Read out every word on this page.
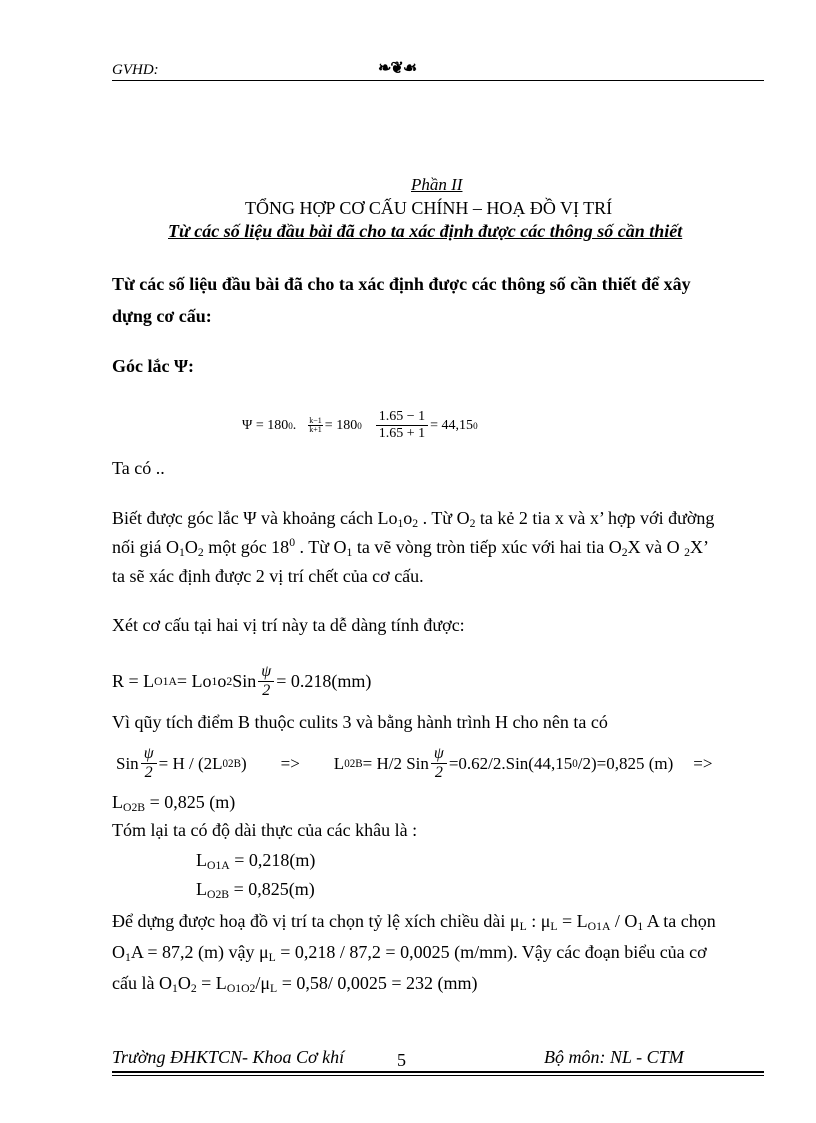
GVHD:	❧❦☙
Phần II
TỔNG HỢP CƠ CẤU CHÍNH – HOẠ ĐỒ VỊ TRÍ
Từ các số liệu đầu bài đã cho ta xác định được các thông số cần thiết
Từ các số liệu đầu bài đã cho ta xác định được các thông số cần thiết để xây
dựng cơ cấu:
Góc lắc Ψ:
Ψ = 180 0 . $\frac{k-1}{k+1} = 180$ $0 \frac{1.65 - 1}{1.65 + 1} = 44,15$ 0
Ta có ..
Biết được góc lắc Ψ và khoảng cách $Lo_1o_2$ . Từ $O_2$ ta kẻ 2 tia x và x’ hợp với đường
nối giá $O_1O_2$ một góc $18^0$ . Từ $O_1$ ta vẽ vòng tròn tiếp xúc với hai tia $O_2X$ và O $_2$X’
ta sẽ xác định được 2 vị trí chết của cơ cấu.
Xét cơ cấu tại hai vị trí này ta dễ dàng tính được:
R = L O1A = Lo 1 o 2 Sin $\frac{\psi}{2} = 0.218(mm)$
Vì qũy tích điểm B thuộc culits 3 và bằng hành trình H cho nên ta có
Sin $\frac{\psi}{2} = H / (2L$ 02B ) => L 02B = H/2 Sin $\frac{\psi}{2} =0.62/2.Sin(44,15$ 0 /2)=0,825 (m) =>
$L_{O2B} = 0,825$ (m)
Tóm lại ta có độ dài thực của các khâu là :
$L_{O1A} = 0,218(m)$
$L_{O2B} = 0,825(m)$
Để dựng được hoạ đồ vị trí ta chọn tỷ lệ xích chiều dài $\mu_L$ : $\mu_L = L_{O1A} / O_1$ A ta chọn
$O_1A = 87,2$ (m) vậy $\mu_L = 0,218 / 87,2 = 0,0025$ (m/mm). Vậy các đoạn biểu của cơ
cấu là $O_1O_2 = L_{O1O2}/\mu_L = 0,58/$ 0,0025 = 232 (mm)
Trường ĐHKTCN- Khoa Cơ khí	5	Bộ môn: NL - CTM
